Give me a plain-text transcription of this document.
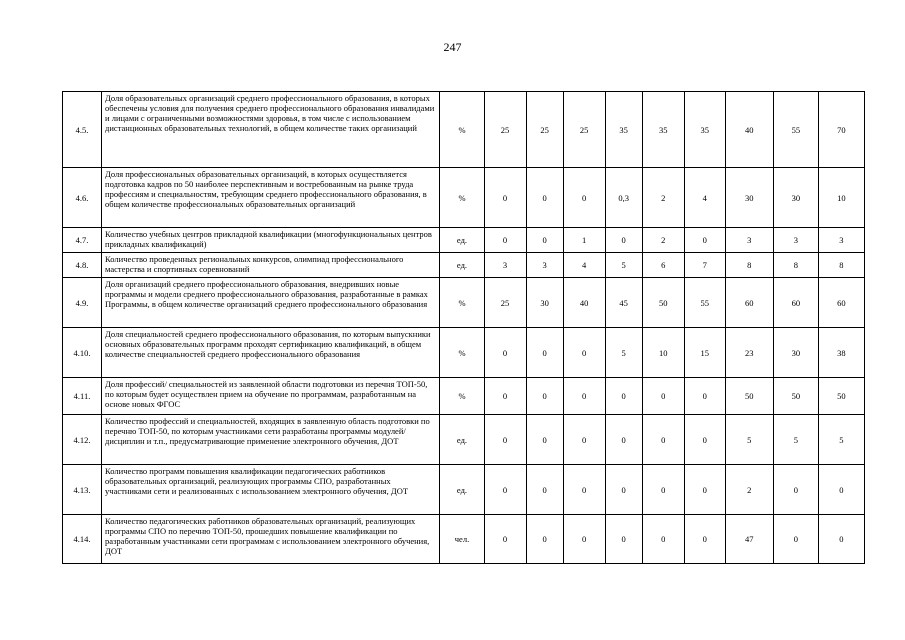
247
4.5.	Доля образовательных организаций среднего профессионального образования, в которых обеспечены условия для получения среднего профессионального образования инвалидами и лицами с ограниченными возможностями здоровья, в том числе с использованием дистанционных образовательных технологий, в общем количестве таких организаций	%	25	25	25	35	35	35	40	55	70
4.6.	Доля профессиональных образовательных организаций, в которых осуществляется подготовка кадров по 50 наиболее перспективным и востребованным на рынке труда профессиям и специальностям, требующим среднего профессионального образования, в общем количестве профессиональных образовательных организаций	%	0	0	0	0,3	2	4	30	30	10
4.7.	Количество учебных центров прикладной квалификации (многофункциональных центров прикладных квалификаций)	ед.	0	0	1	0	2	0	3	3	3
4.8.	Количество проведенных региональных конкурсов, олимпиад профессионального мастерства и спортивных соревнований	ед.	3	3	4	5	6	7	8	8	8
4.9.	Доля организаций среднего профессионального образования, внедривших новые программы и модели среднего профессионального образования, разработанные в рамках Программы, в общем количестве организаций среднего профессионального образования	%	25	30	40	45	50	55	60	60	60
4.10.	Доля специальностей среднего профессионального образования, по которым выпускники основных образовательных программ проходят сертификацию квалификаций, в общем количестве специальностей среднего профессионального образования	%	0	0	0	5	10	15	23	30	38
4.11.	Доля профессий/ специальностей из заявленной области подготовки из перечня ТОП-50, по которым будет осуществлен прием на обучение по программам, разработанным на основе новых ФГОС	%	0	0	0	0	0	0	50	50	50
4.12.	Количество профессий и специальностей, входящих в заявленную область подготовки по перечню ТОП-50, по которым участниками сети разработаны программы модулей/ дисциплин и т.п., предусматривающие применение электронного обучения, ДОТ	ед.	0	0	0	0	0	0	5	5	5
4.13.	Количество программ повышения квалификации педагогических работников образовательных организаций, реализующих программы СПО, разработанных участниками сети и реализованных с использованием электронного обучения, ДОТ	ед.	0	0	0	0	0	0	2	0	0
4.14.	Количество педагогических работников образовательных организаций, реализующих программы СПО по перечню ТОП-50, прошедших повышение квалификации по разработанным участниками сети программам с использованием электронного обучения, ДОТ	чел.	0	0	0	0	0	0	47	0	0
